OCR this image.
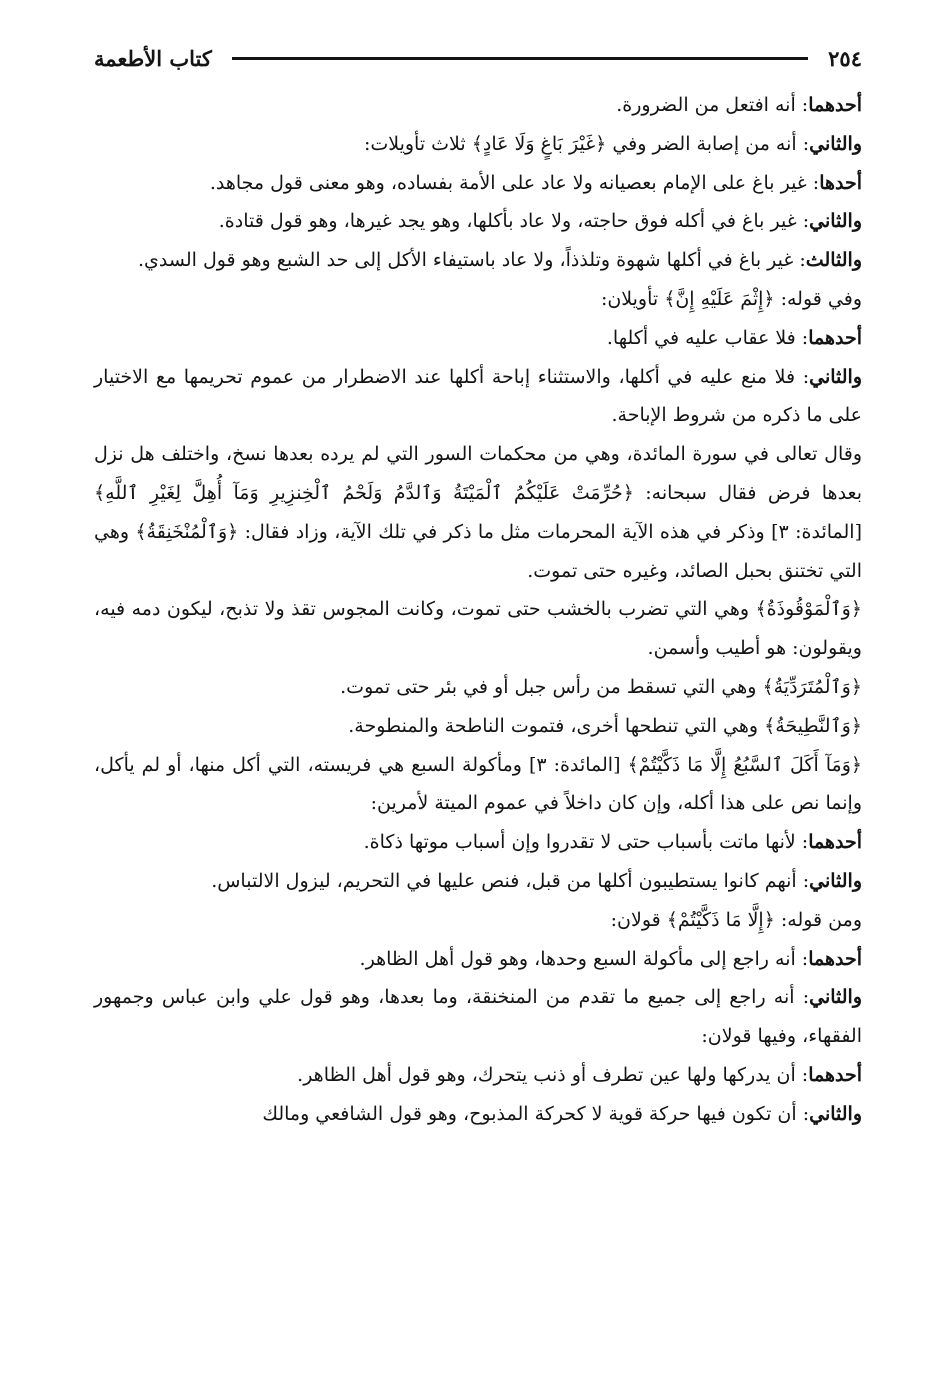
٢٥٤
كتاب الأطعمة

أحدهما: أنه افتعل من الضرورة.

والثاني: أنه من إصابة الضر وفي ﴿غَيْرَ بَاغٍ وَلَا عَادٍ﴾ ثلاث تأويلات:

أحدها: غير باغ على الإمام بعصيانه ولا عاد على الأمة بفساده، وهو معنى قول مجاهد.

والثاني: غير باغ في أكله فوق حاجته، ولا عاد بأكلها، وهو يجد غيرها، وهو قول قتادة.

والثالث: غير باغ في أكلها شهوة وتلذذاً، ولا عاد باستيفاء الأكل إلى حد الشبع وهو قول السدي.

وفي قوله: ﴿إِثْمَ عَلَيْهِ إِنَّ﴾ تأويلان:

أحدهما: فلا عقاب عليه في أكلها.

والثاني: فلا منع عليه في أكلها، والاستثناء إباحة أكلها عند الاضطرار من عموم تحريمها مع الاختيار على ما ذكره من شروط الإباحة.

وقال تعالى في سورة المائدة، وهي من محكمات السور التي لم يرده بعدها نسخ، واختلف هل نزل بعدها فرض فقال سبحانه: ﴿حُرِّمَتْ عَلَيْكُمُ ٱلْمَيْتَةُ وَٱلدَّمُ وَلَحْمُ ٱلْخِنزِيرِ وَمَآ أُهِلَّ لِغَيْرِ ٱللَّهِ﴾ [المائدة: ٣] وذكر في هذه الآية المحرمات مثل ما ذكر في تلك الآية، وزاد فقال: ﴿وَٱلْمُنْخَنِقَةُ﴾ وهي التي تختنق بحبل الصائد، وغيره حتى تموت.

﴿وَٱلْمَوْقُوذَةُ﴾ وهي التي تضرب بالخشب حتى تموت، وكانت المجوس تقذ ولا تذبح، ليكون دمه فيه، ويقولون: هو أطيب وأسمن.

﴿وَٱلْمُتَرَدِّيَةُ﴾ وهي التي تسقط من رأس جبل أو في بئر حتى تموت.

﴿وَٱلنَّطِيحَةُ﴾ وهي التي تنطحها أخرى، فتموت الناطحة والمنطوحة.

﴿وَمَآ أَكَلَ ٱلسَّبُعُ إِلَّا مَا ذَكَّيْتُمْ﴾ [المائدة: ٣] ومأكولة السبع هي فريسته، التي أكل منها، أو لم يأكل، وإنما نص على هذا أكله، وإن كان داخلاً في عموم الميتة لأمرين:

أحدهما: لأنها ماتت بأسباب حتى لا تقدروا وإن أسباب موتها ذكاة.

والثاني: أنهم كانوا يستطيبون أكلها من قبل، فنص عليها في التحريم، ليزول الالتباس.

ومن قوله: ﴿إِلَّا مَا ذَكَّيْتُمْ﴾ قولان:

أحدهما: أنه راجع إلى مأكولة السبع وحدها، وهو قول أهل الظاهر.

والثاني: أنه راجع إلى جميع ما تقدم من المنخنقة، وما بعدها، وهو قول علي وابن عباس وجمهور الفقهاء، وفيها قولان:

أحدهما: أن يدركها ولها عين تطرف أو ذنب يتحرك، وهو قول أهل الظاهر.

والثاني: أن تكون فيها حركة قوية لا كحركة المذبوح، وهو قول الشافعي ومالك
